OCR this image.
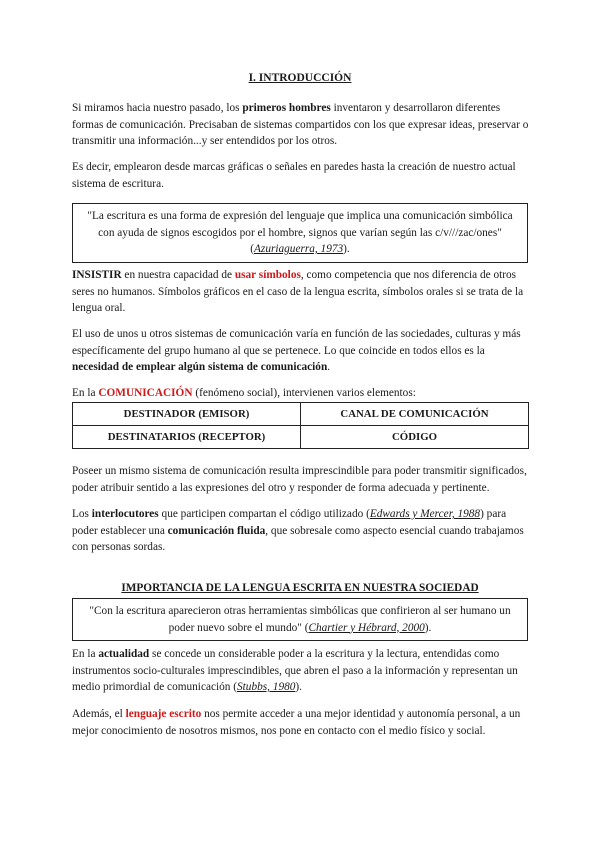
I. INTRODUCCIÓN

Si miramos hacia nuestro pasado, los primeros hombres inventaron y desarrollaron diferentes formas de comunicación. Precisaban de sistemas compartidos con los que expresar ideas, preservar o transmitir una información...y ser entendidos por los otros.

Es decir, emplearon desde marcas gráficas o señales en paredes hasta la creación de nuestro actual sistema de escritura.

"La escritura es una forma de expresión del lenguaje que implica una comunicación simbólica con ayuda de signos escogidos por el hombre, signos que varían según las c/v///zac/ones" (Azuriaguerra, 1973).

INSISTIR en nuestra capacidad de usar símbolos, como competencia que nos diferencia de otros seres no humanos. Símbolos gráficos en el caso de la lengua escrita, símbolos orales si se trata de la lengua oral.

El uso de unos u otros sistemas de comunicación varía en función de las sociedades, culturas y más específicamente del grupo humano al que se pertenece. Lo que coincide en todos ellos es la necesidad de emplear algún sistema de comunicación.

En la COMUNICACIÓN (fenómeno social), intervienen varios elementos:

DESTINADOR (EMISOR)	CANAL DE COMUNICACIÓN
DESTINATARIOS (RECEPTOR)	CÓDIGO

Poseer un mismo sistema de comunicación resulta imprescindible para poder transmitir significados, poder atribuir sentido a las expresiones del otro y responder de forma adecuada y pertinente.

Los interlocutores que participen compartan el código utilizado (Edwards y Mercer, 1988) para poder establecer una comunicación fluida, que sobresale como aspecto esencial cuando trabajamos con personas sordas.

IMPORTANCIA DE LA LENGUA ESCRITA EN NUESTRA SOCIEDAD
"Con la escritura aparecieron otras herramientas simbólicas que confirieron al ser humano un poder nuevo sobre el mundo" (Chartier y Hébrard, 2000).

En la actualidad se concede un considerable poder a la escritura y la lectura, entendidas como instrumentos socio-culturales imprescindibles, que abren el paso a la información y representan un medio primordial de comunicación (Stubbs, 1980).

Además, el lenguaje escrito nos permite acceder a una mejor identidad y autonomía personal, a un mejor conocimiento de nosotros mismos, nos pone en contacto con el medio físico y social.
